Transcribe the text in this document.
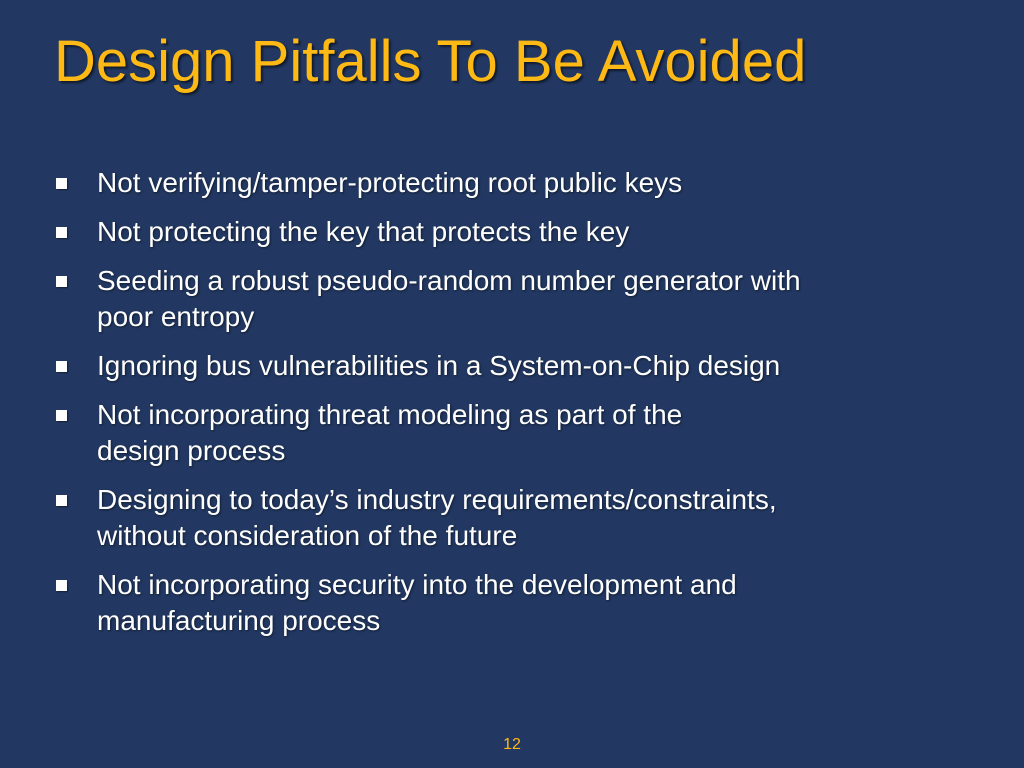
Design Pitfalls To Be Avoided
Not verifying/tamper-protecting root public keys
Not protecting the key that protects the key
Seeding a robust pseudo-random number generator with
poor entropy
Ignoring bus vulnerabilities in a System-on-Chip design
Not incorporating threat modeling as part of the
design process
Designing to today’s industry requirements/constraints,
without consideration of the future
Not incorporating security into the development and
manufacturing process
12
